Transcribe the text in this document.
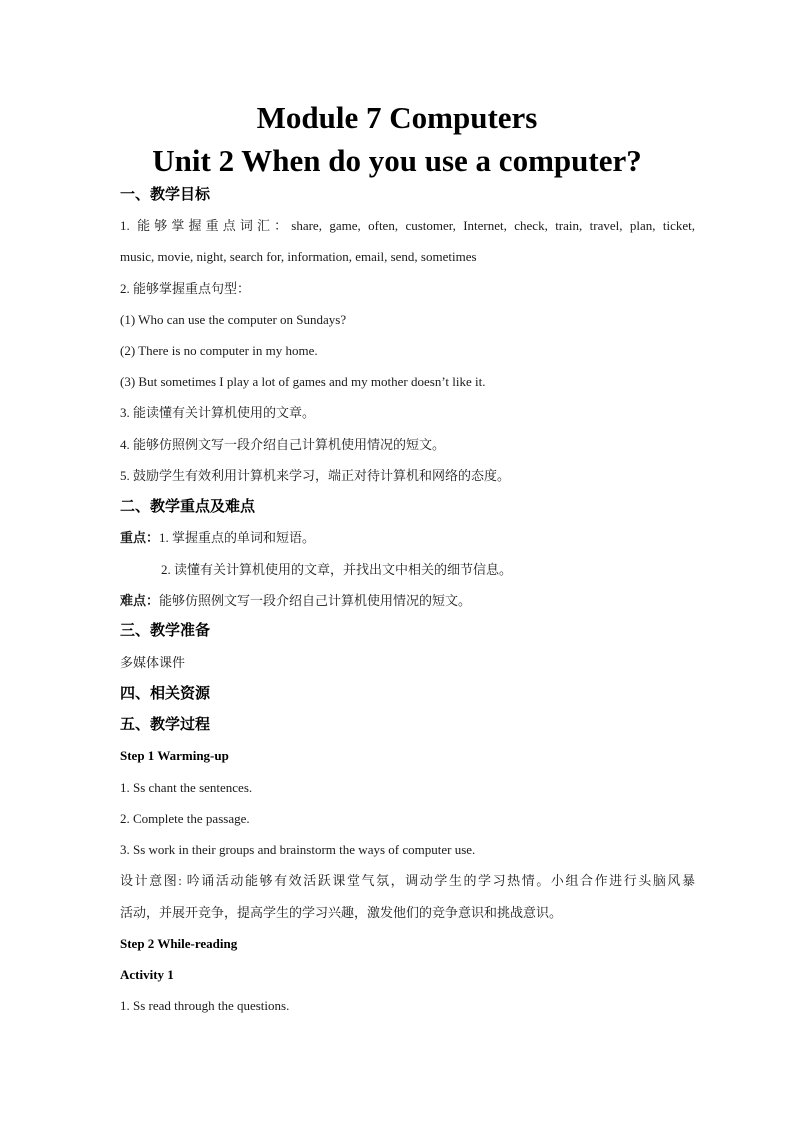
Module 7 Computers
Unit 2 When do you use a computer?
一、教学目标
1. 能够掌握重点词汇：share, game, often, customer, Internet, check, train, travel, plan, ticket,
music, movie, night, search for, information, email, send, sometimes
2. 能够掌握重点句型：
(1) Who can use the computer on Sundays?
(2) There is no computer in my home.
(3) But sometimes I play a lot of games and my mother doesn’t like it.
3. 能读懂有关计算机使用的文章。
4. 能够仿照例文写一段介绍自己计算机使用情况的短文。
5. 鼓励学生有效利用计算机来学习，端正对待计算机和网络的态度。
二、教学重点及难点
重点：1. 掌握重点的单词和短语。
2. 读懂有关计算机使用的文章，并找出文中相关的细节信息。
难点：能够仿照例文写一段介绍自己计算机使用情况的短文。
三、教学准备
多媒体课件
四、相关资源
五、教学过程
Step 1 Warming-up
1. Ss chant the sentences.
2. Complete the passage.
3. Ss work in their groups and brainstorm the ways of computer use.
设计意图: 吟诵活动能够有效活跃课堂气氛，调动学生的学习热情。小组合作进行头脑风暴
活动，并展开竞争，提高学生的学习兴趣，激发他们的竞争意识和挑战意识。
Step 2 While-reading
Activity 1
1. Ss read through the questions.
